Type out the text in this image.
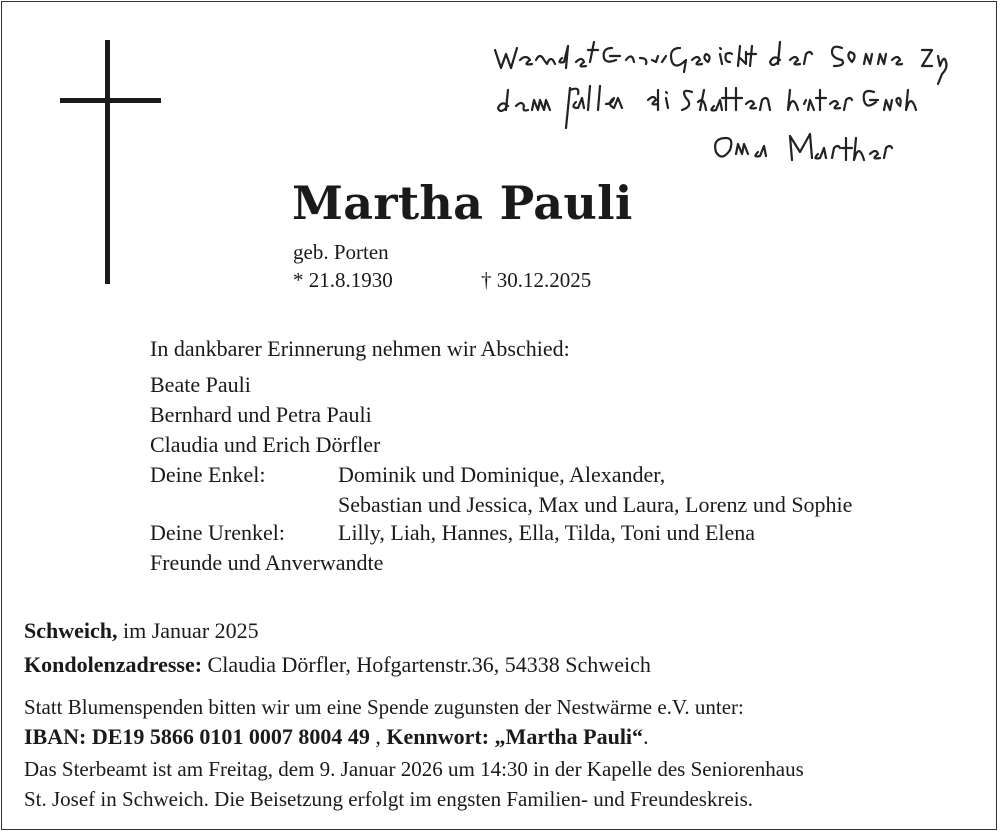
Martha Pauli
geb. Porten
* 21.8.1930	† 30.12.2025
In dankbarer Erinnerung nehmen wir Abschied:
Beate Pauli
Bernhard und Petra Pauli
Claudia und Erich Dörfler
Deine Enkel:	Dominik und Dominique, Alexander,
Sebastian und Jessica, Max und Laura, Lorenz und Sophie
Deine Urenkel: Lilly, Liah, Hannes, Ella, Tilda, Toni und Elena
Freunde und Anverwandte
Schweich, im Januar 2025
Kondolenzadresse: Claudia Dörfler, Hofgartenstr.36, 54338 Schweich
Statt Blumenspenden bitten wir um eine Spende zugunsten der Nestwärme e.V. unter:
IBAN: DE19 5866 0101 0007 8004 49 , Kennwort: „Martha Pauli“.
Das Sterbeamt ist am Freitag, dem 9. Januar 2026 um 14:30 in der Kapelle des Seniorenhaus
St. Josef in Schweich. Die Beisetzung erfolgt im engsten Familien- und Freundeskreis.
